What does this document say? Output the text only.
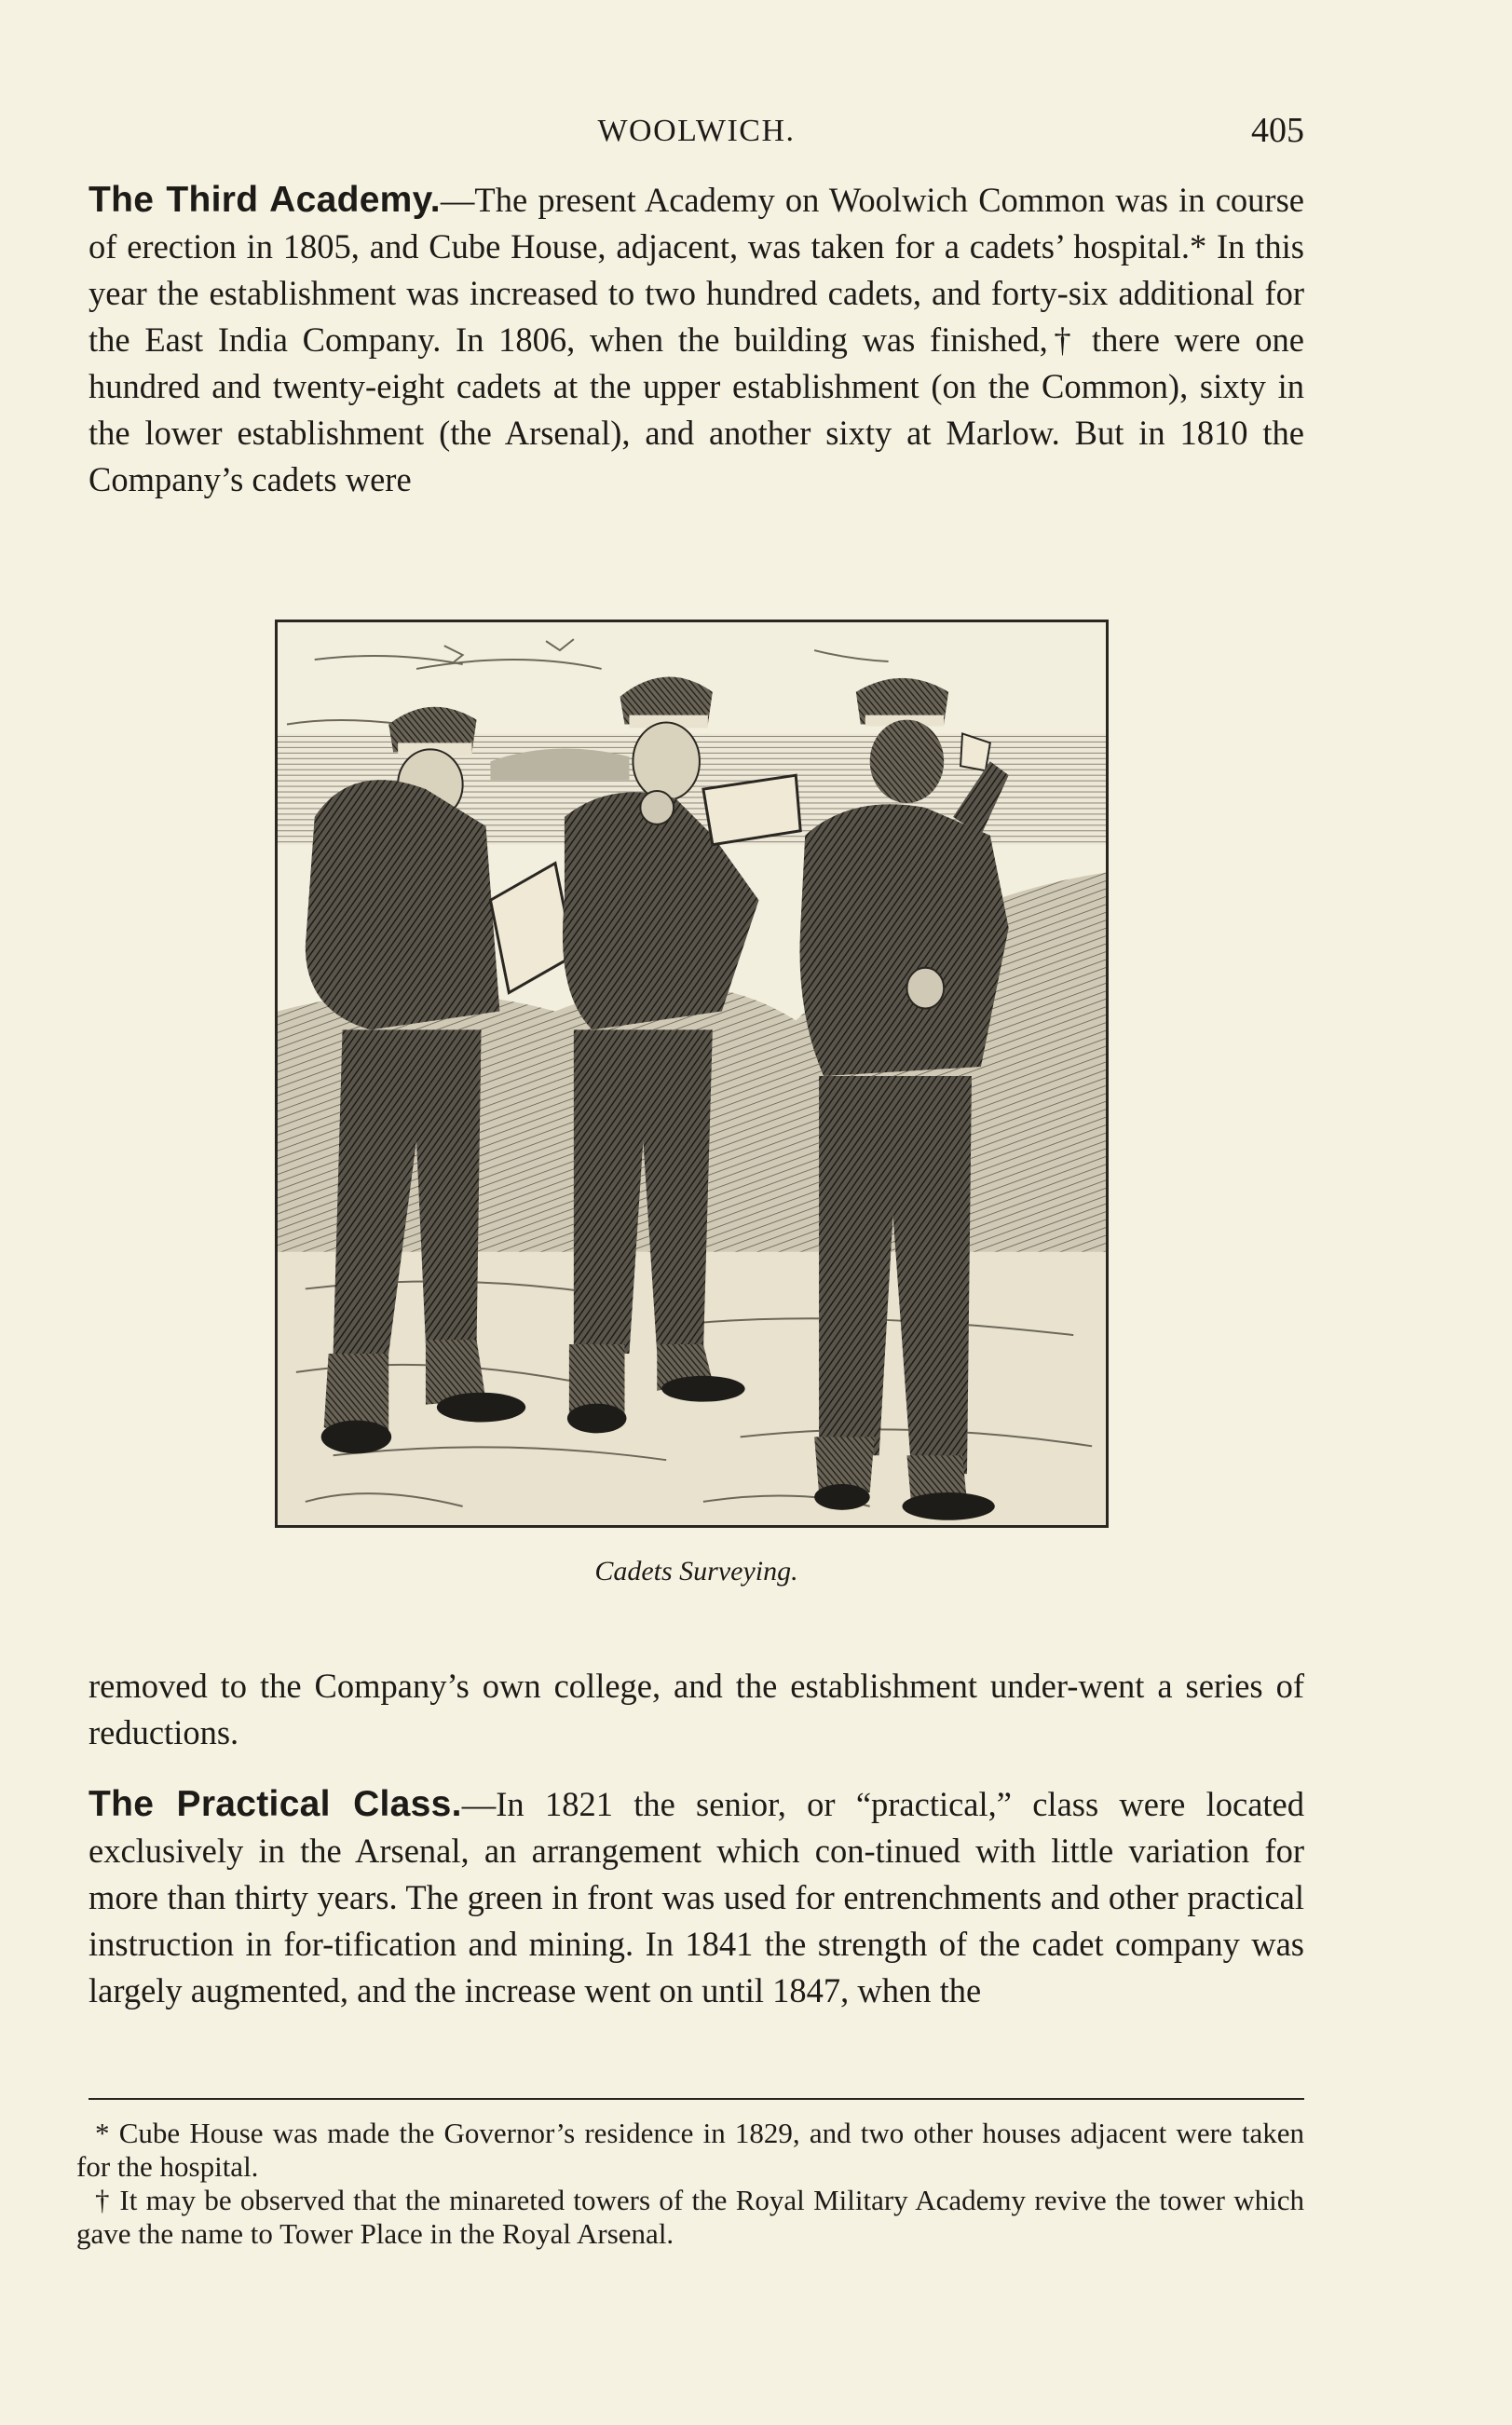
WOOLWICH.	405

The Third Academy.—The present Academy on Woolwich Common was in course of erection in 1805, and Cube House, adjacent, was taken for a cadets’ hospital.* In this year the establishment was increased to two hundred cadets, and forty-six additional for the East India Company. In 1806, when the building was finished,† there were one hundred and twenty-eight cadets at the upper establishment (on the Common), sixty in the lower establishment (the Arsenal), and another sixty at Marlow. But in 1810 the Company’s cadets were

Cadets Surveying.

removed to the Company’s own college, and the establishment under-went a series of reductions.

The Practical Class.—In 1821 the senior, or “practical,” class were located exclusively in the Arsenal, an arrangement which con-tinued with little variation for more than thirty years. The green in front was used for entrenchments and other practical instruction in for-tification and mining. In 1841 the strength of the cadet company was largely augmented, and the increase went on until 1847, when the

* Cube House was made the Governor’s residence in 1829, and two other houses adjacent were taken for the hospital.

† It may be observed that the minareted towers of the Royal Military Academy revive the tower which gave the name to Tower Place in the Royal Arsenal.
